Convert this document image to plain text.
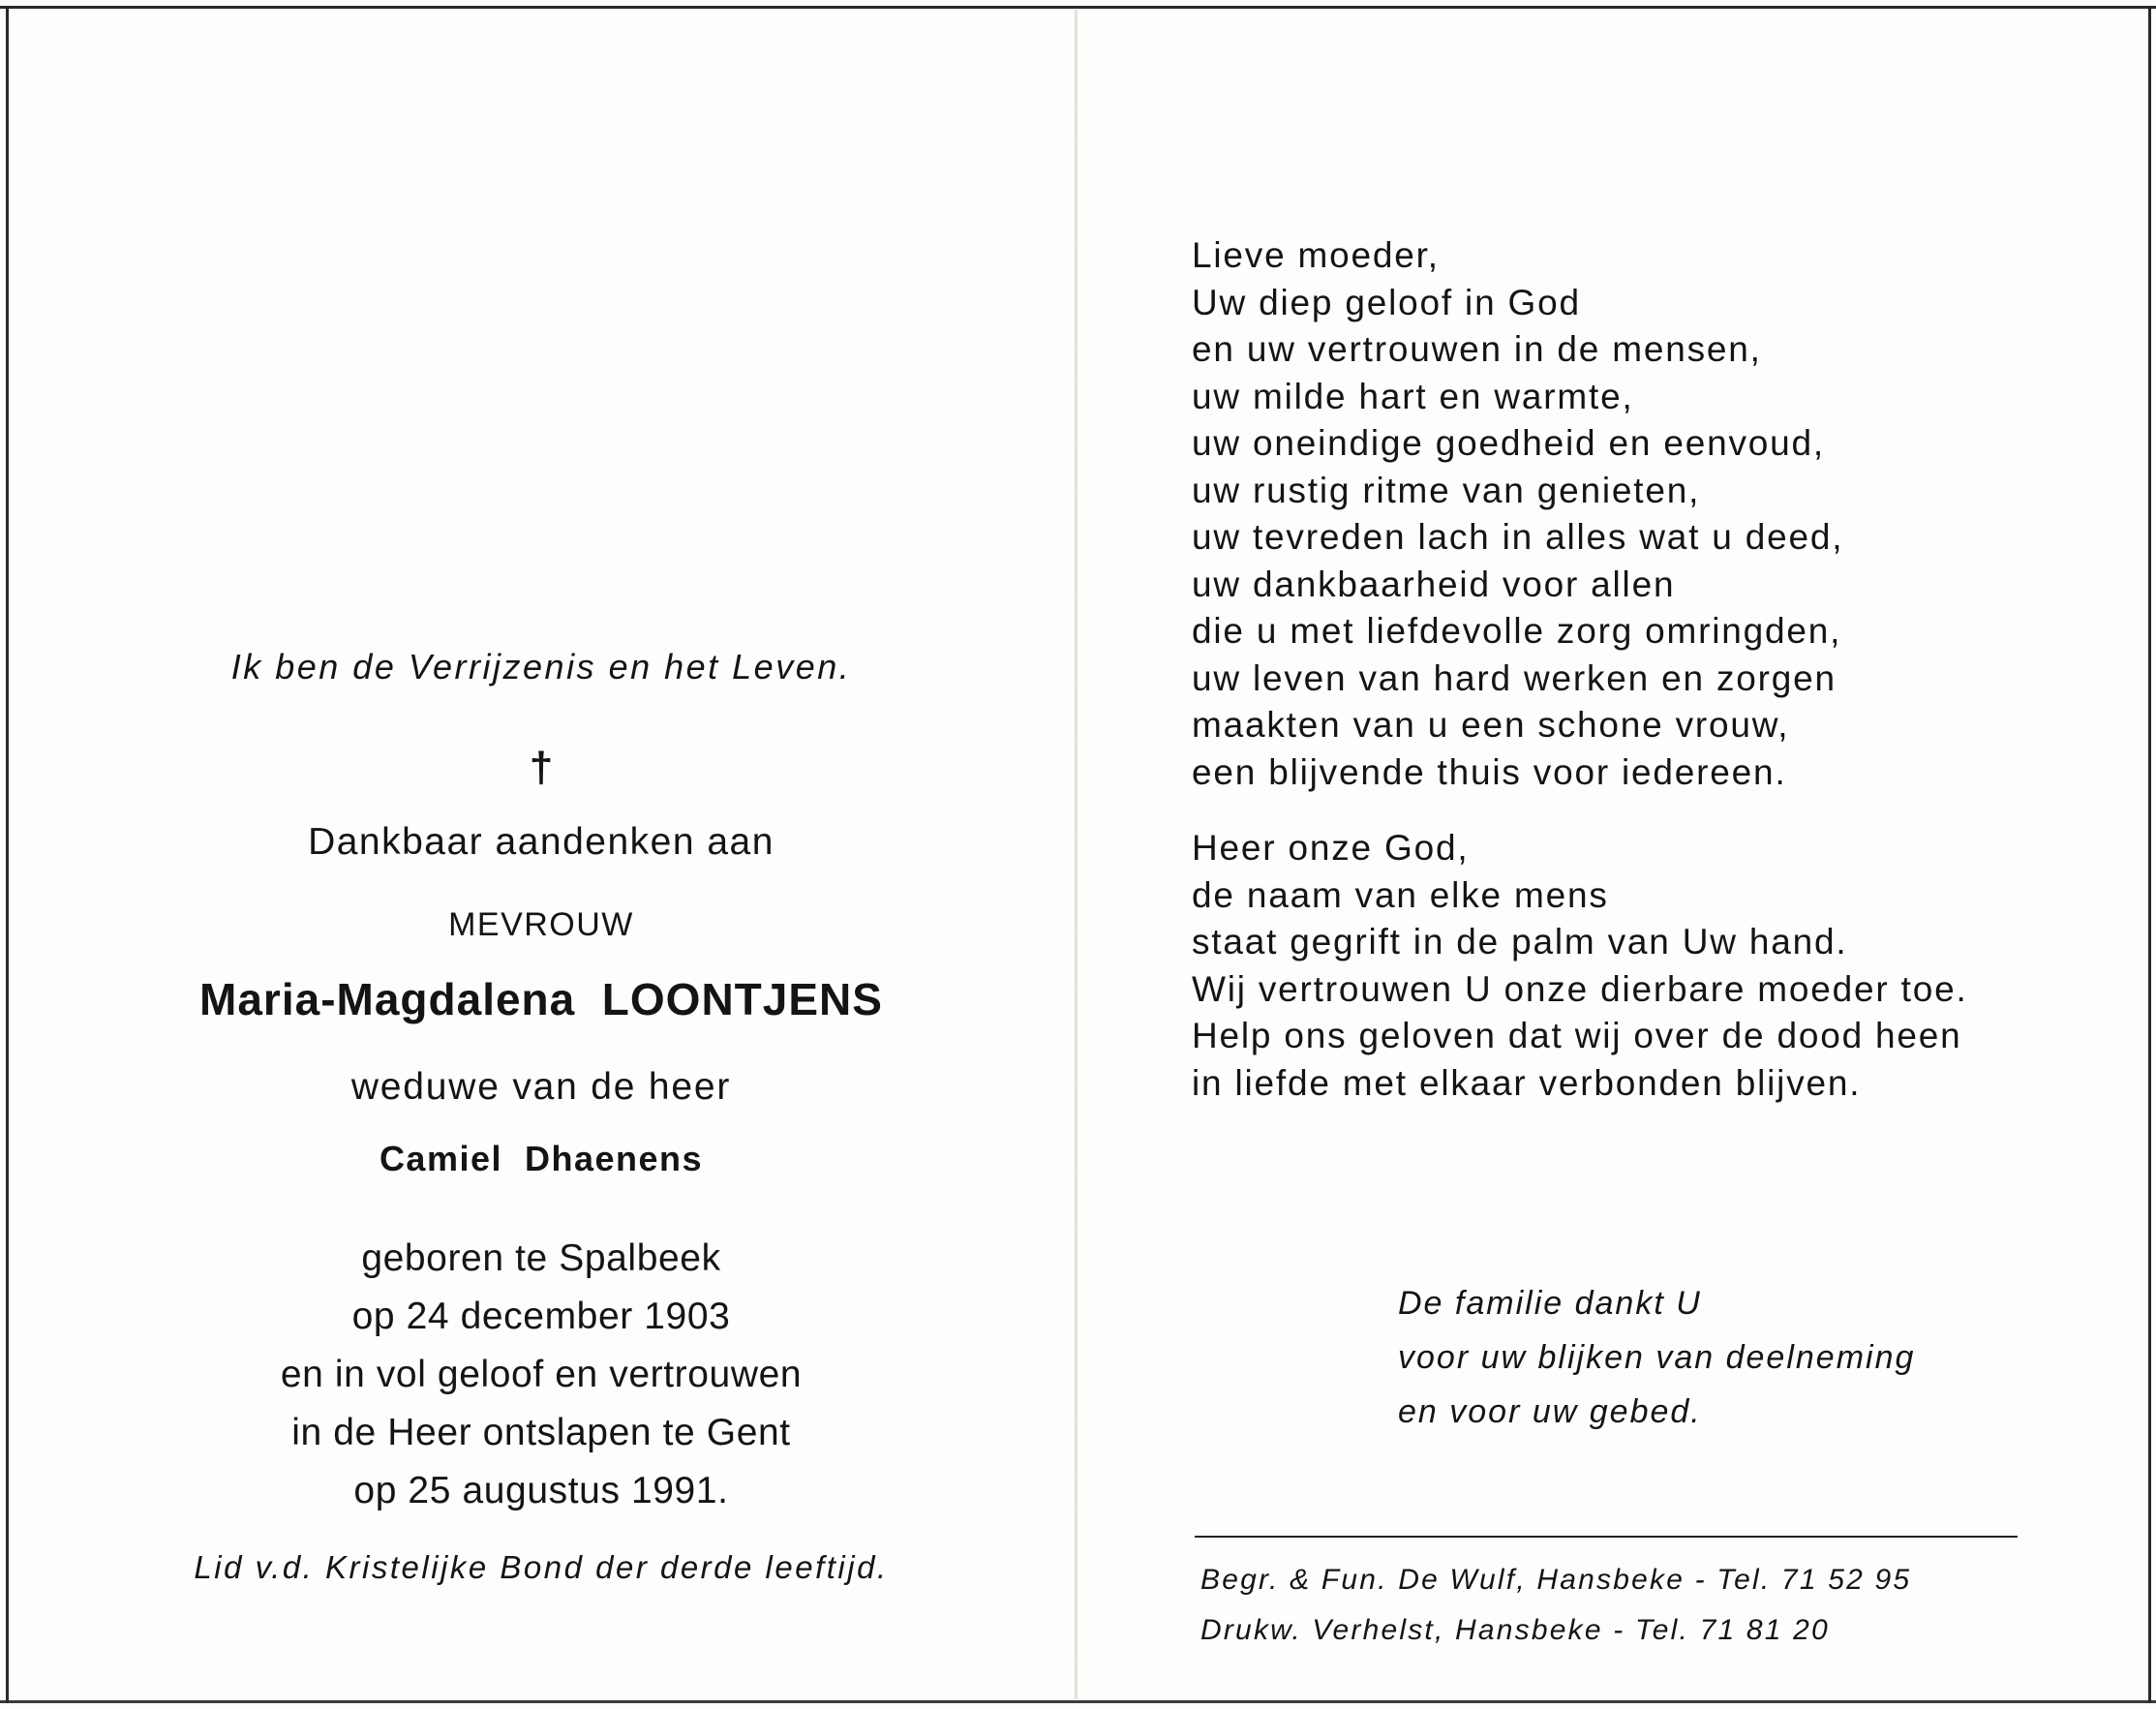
Ik ben de Verrijzenis en het Leven.
†
Dankbaar aandenken aan
MEVROUW
Maria-Magdalena  LOONTJENS
weduwe van de heer
Camiel  Dhaenens
geboren te Spalbeek
op 24 december 1903
en in vol geloof en vertrouwen
in de Heer ontslapen te Gent
op 25 augustus 1991.
Lid v.d. Kristelijke Bond der derde leeftijd.
Lieve moeder,
Uw diep geloof in God
en uw vertrouwen in de mensen,
uw milde hart en warmte,
uw oneindige goedheid en eenvoud,
uw rustig ritme van genieten,
uw tevreden lach in alles wat u deed,
uw dankbaarheid voor allen
die u met liefdevolle zorg omringden,
uw leven van hard werken en zorgen
maakten van u een schone vrouw,
een blijvende thuis voor iedereen.
Heer onze God,
de naam van elke mens
staat gegrift in de palm van Uw hand.
Wij vertrouwen U onze dierbare moeder toe.
Help ons geloven dat wij over de dood heen
in liefde met elkaar verbonden blijven.
De familie dankt U
voor uw blijken van deelneming
en voor uw gebed.
Begr. & Fun. De Wulf, Hansbeke - Tel. 71 52 95
Drukw. Verhelst, Hansbeke - Tel. 71 81 20
